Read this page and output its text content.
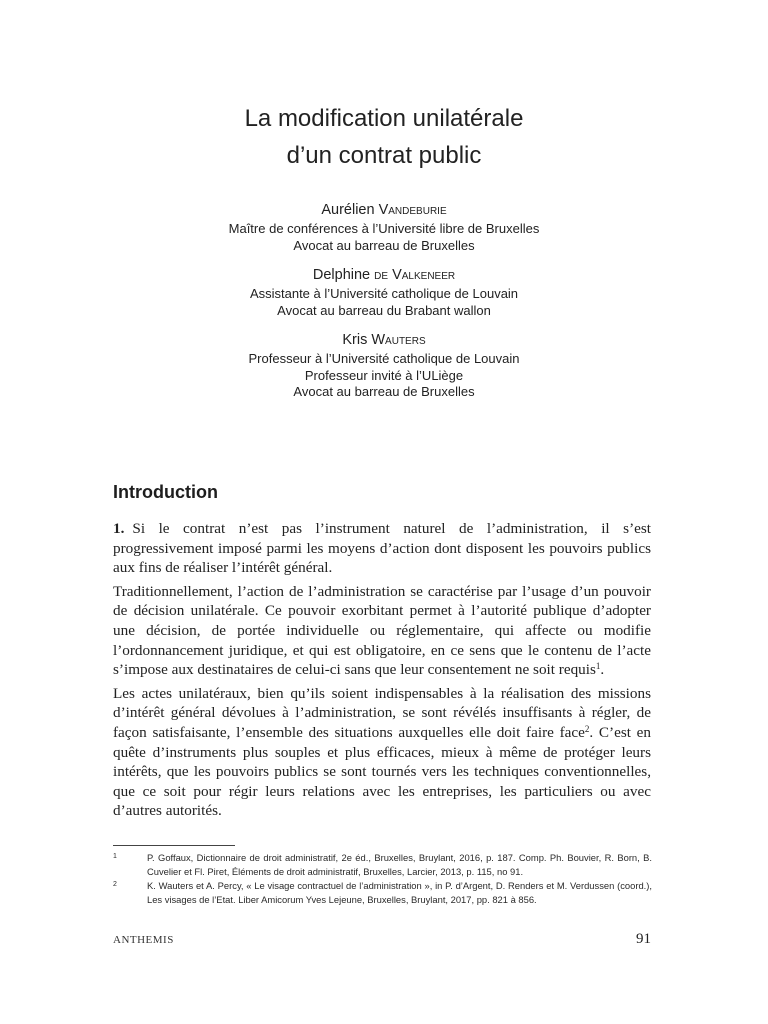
La modification unilatérale
d’un contrat public
Aurélien Vandeburie
Maître de conférences à l’Université libre de Bruxelles
Avocat au barreau de Bruxelles
Delphine de Valkeneer
Assistante à l’Université catholique de Louvain
Avocat au barreau du Brabant wallon
Kris Wauters
Professeur à l’Université catholique de Louvain
Professeur invité à l’ULiège
Avocat au barreau de Bruxelles
Introduction

1. Si le contrat n’est pas l’instrument naturel de l’administration, il s’est progressivement imposé parmi les moyens d’action dont disposent les pouvoirs publics aux fins de réaliser l’intérêt général.

Traditionnellement, l’action de l’administration se caractérise par l’usage d’un pouvoir de décision unilatérale. Ce pouvoir exorbitant permet à l’autorité publique d’adopter une décision, de portée individuelle ou réglementaire, qui affecte ou modifie l’ordonnancement juridique, et qui est obligatoire, en ce sens que le contenu de l’acte s’impose aux destinataires de celui-ci sans que leur consentement ne soit requis$^1$.

Les actes unilatéraux, bien qu’ils soient indispensables à la réalisation des missions d’intérêt général dévolues à l’administration, se sont révélés insuffisants à régler, de façon satisfaisante, l’ensemble des situations auxquelles elle doit faire face$^2$. C’est en quête d’instruments plus souples et plus efficaces, mieux à même de protéger leurs intérêts, que les pouvoirs publics se sont tournés vers les techniques conventionnelles, que ce soit pour régir leurs relations avec les entreprises, les particuliers ou avec d’autres autorités.

1	P. Goffaux, Dictionnaire de droit administratif, 2e éd., Bruxelles, Bruylant, 2016, p. 187. Comp. Ph. Bouvier, R. Born, B. Cuvelier et Fl. Piret, Éléments de droit administratif, Bruxelles, Larcier, 2013, p. 115, no 91.
2	K. Wauters et A. Percy, « Le visage contractuel de l’administration », in P. d’Argent, D. Renders et M. Verdussen (coord.), Les visages de l’Etat. Liber Amicorum Yves Lejeune, Bruxelles, Bruylant, 2017, pp. 821 à 856.
ANTHEMIS	91
